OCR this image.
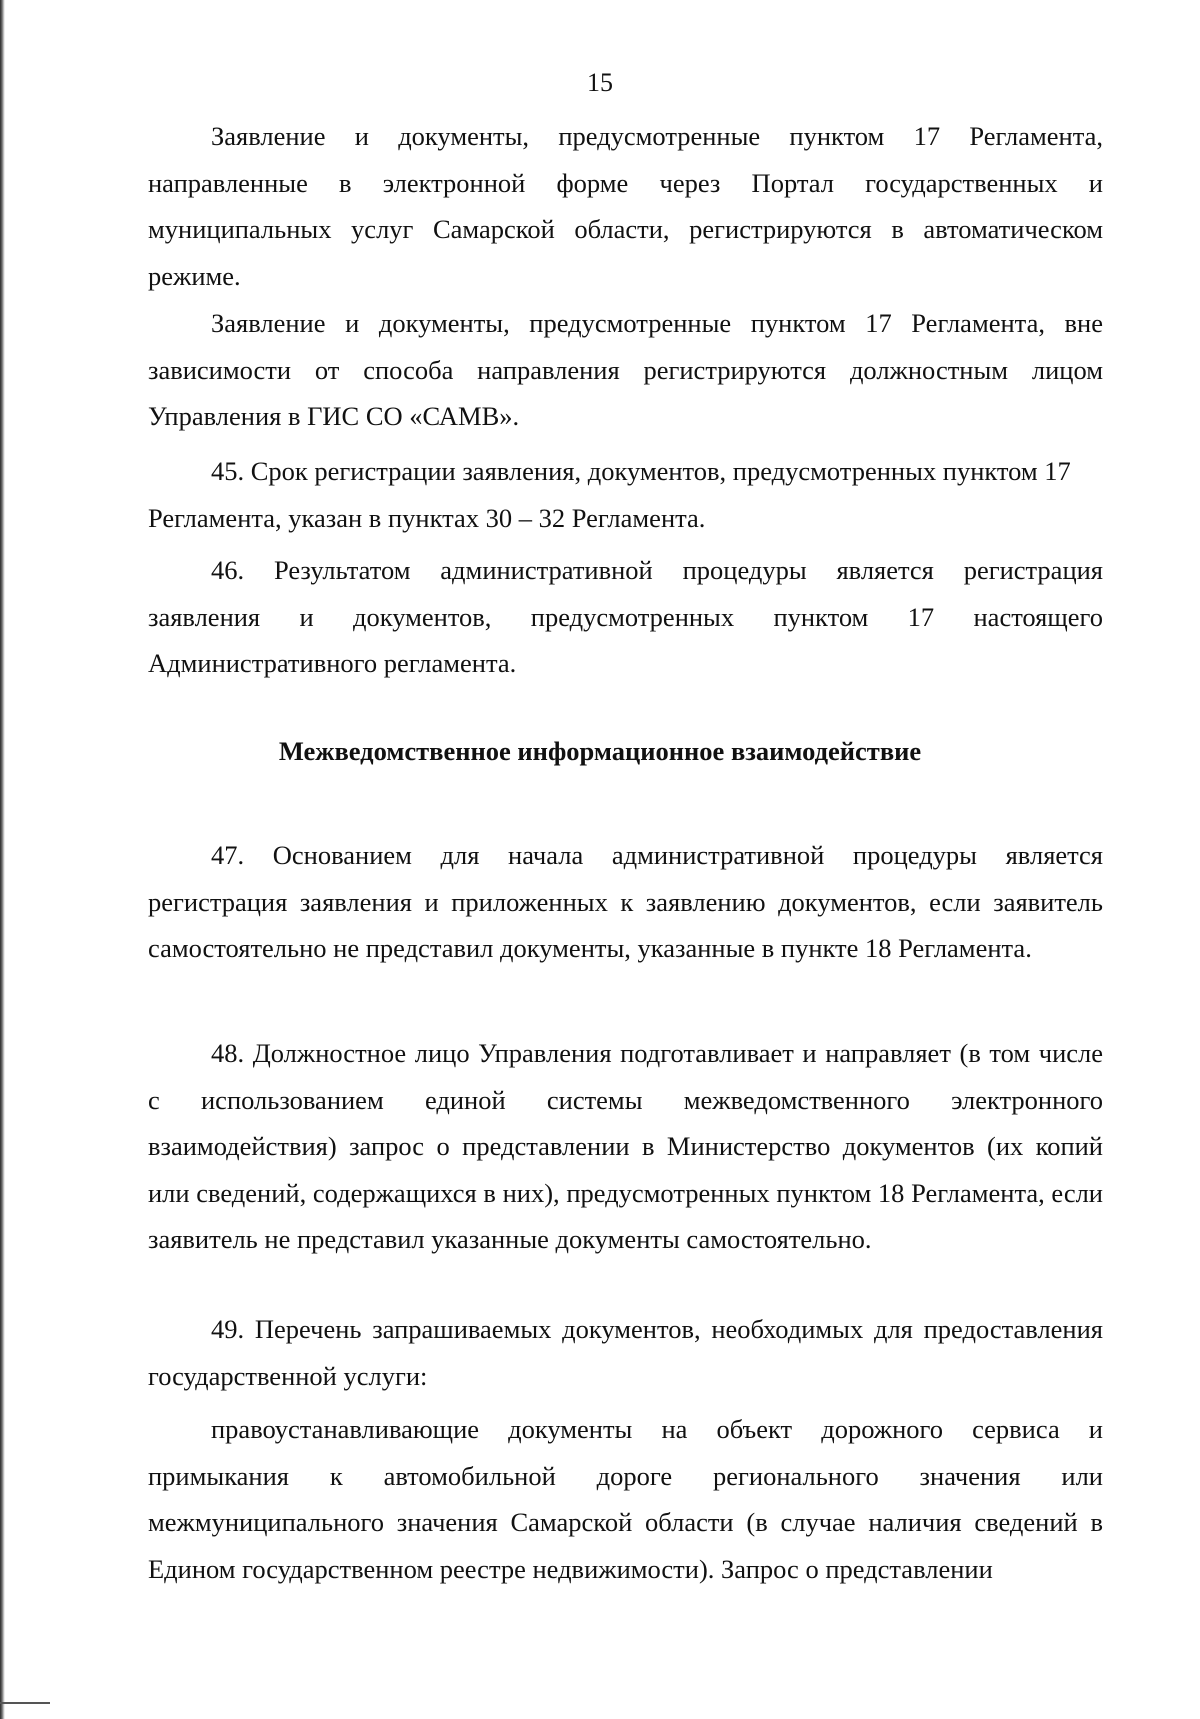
15

Заявление и документы, предусмотренные пунктом 17 Регламента, направленные в электронной форме через Портал государственных и муниципальных услуг Самарской области, регистрируются в автоматическом режиме.

Заявление и документы, предусмотренные пунктом 17 Регламента, вне зависимости от способа направления регистрируются должностным лицом Управления в ГИС СО «САМВ».

45. Срок регистрации заявления, документов, предусмотренных пунктом 17 Регламента, указан в пунктах 30 – 32 Регламента.

46. Результатом административной процедуры является регистрация заявления и документов, предусмотренных пунктом 17 настоящего Административного регламента.

47. Основанием для начала административной процедуры является регистрация заявления и приложенных к заявлению документов, если заявитель самостоятельно не представил документы, указанные в пункте 18 Регламента.

48. Должностное лицо Управления подготавливает и направляет (в том числе с использованием единой системы межведомственного электронного взаимодействия) запрос о представлении в Министерство документов (их копий или сведений, содержащихся в них), предусмотренных пунктом 18 Регламента, если заявитель не представил указанные документы самостоятельно.

49. Перечень запрашиваемых документов, необходимых для предоставления государственной услуги:

правоустанавливающие документы на объект дорожного сервиса и примыкания к автомобильной дороге регионального значения или межмуниципального значения Самарской области (в случае наличия сведений в Едином государственном реестре недвижимости). Запрос о представлении

Межведомственное информационное взаимодействие
